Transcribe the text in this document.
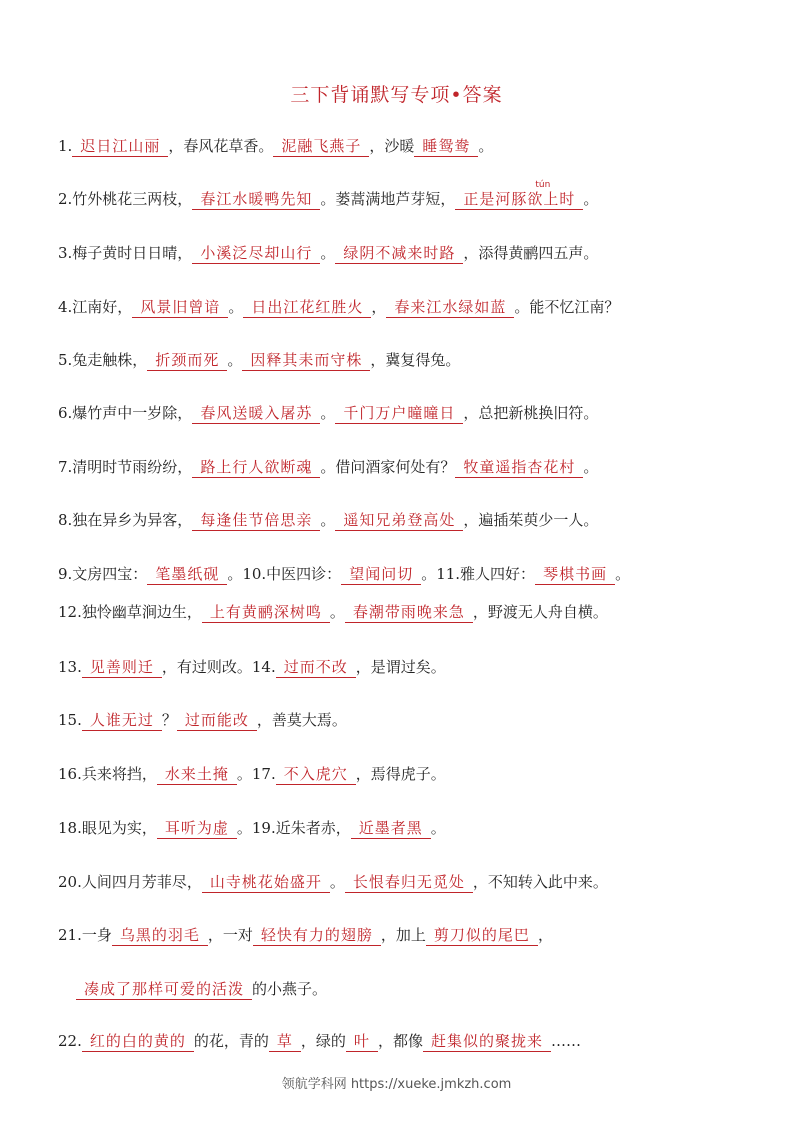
三下背诵默写专项•答案
1. 迟日江山丽 ，春风花草香。 泥融飞燕子 ，沙暖 睡鸳鸯 。
2.竹外桃花三两枝， 春江水暖鸭先知 。蒌蒿满地芦芽短， 正是河豚欲上时
tún
。
3.梅子黄时日日晴， 小溪泛尽却山行 。 绿阴不减来时路 ，添得黄鹂四五声。
4.江南好， 风景旧曾谙 。 日出江花红胜火 ， 春来江水绿如蓝 。能不忆江南？
5.兔走触株， 折颈而死 。 因释其耒而守株 ，冀复得兔。
6.爆竹声中一岁除， 春风送暖入屠苏 。 千门万户曈曈日 ，总把新桃换旧符。
7.清明时节雨纷纷， 路上行人欲断魂 。借问酒家何处有？ 牧童遥指杏花村 。
8.独在异乡为异客， 每逢佳节倍思亲 。 遥知兄弟登高处 ，遍插茱萸少一人。
9.文房四宝： 笔墨纸砚 。10.中医四诊： 望闻问切 。11.雅人四好： 琴棋书画 。
12.独怜幽草涧边生， 上有黄鹂深树鸣 。 春潮带雨晚来急 ，野渡无人舟自横。
13. 见善则迁 ，有过则改。14. 过而不改 ，是谓过矣。
15. 人谁无过 ？ 过而能改 ，善莫大焉。
16.兵来将挡， 水来土掩 。17. 不入虎穴 ，焉得虎子。
18.眼见为实， 耳听为虚 。19.近朱者赤， 近墨者黑 。
20.人间四月芳菲尽， 山寺桃花始盛开 。 长恨春归无觅处 ，不知转入此中来。
21.一身 乌黑的羽毛 ，一对 轻快有力的翅膀 ，加上 剪刀似的尾巴 ，
凑成了那样可爱的活泼 的小燕子。
22. 红的白的黄的 的花，青的 草 ，绿的 叶 ，都像 赶集似的聚拢来 ……
领航学科网 https://xueke.jmkzh.com
